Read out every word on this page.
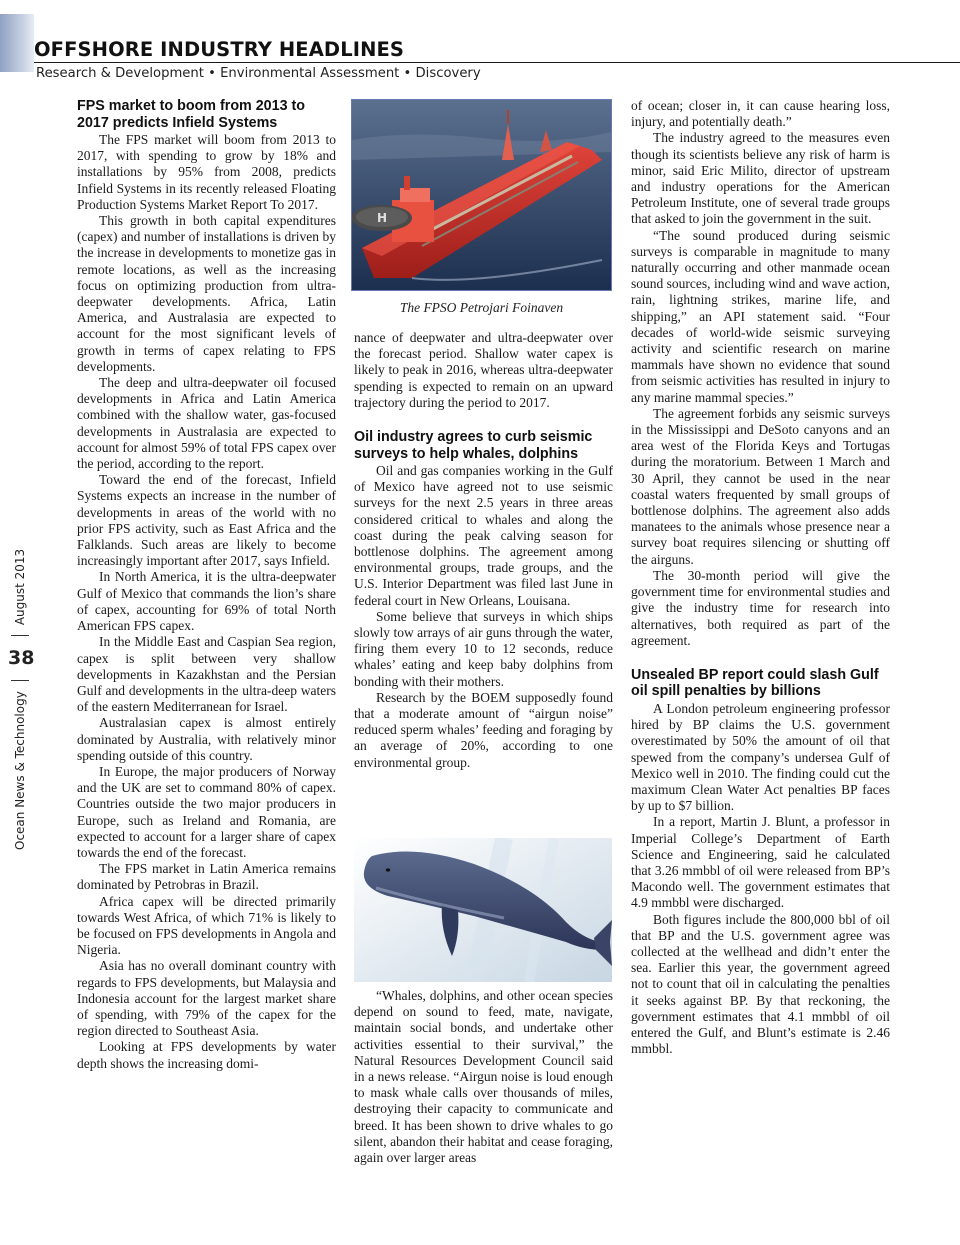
OFFSHORE INDUSTRY HEADLINES
Research & Development • Environmental Assessment • Discovery
Ocean News & Technology
38
August 2013
FPS market to boom from 2013 to 2017 predicts Infield Systems

The FPS market will boom from 2013 to 2017, with spending to grow by 18% and installations by 95% from 2008, predicts Infield Systems in its recently released Floating Production Systems Market Report To 2017.

This growth in both capital expenditures (capex) and number of installations is driven by the increase in developments to monetize gas in remote locations, as well as the increasing focus on optimizing production from ultra-deepwater developments. Africa, Latin America, and Australasia are expected to account for the most significant levels of growth in terms of capex relating to FPS developments.

The deep and ultra-deepwater oil focused developments in Africa and Latin America combined with the shallow water, gas-focused developments in Australasia are expected to account for almost 59% of total FPS capex over the period, according to the report.

Toward the end of the forecast, Infield Systems expects an increase in the number of developments in areas of the world with no prior FPS activity, such as East Africa and the Falklands. Such areas are likely to become increasingly important after 2017, says Infield.

In North America, it is the ultra-deepwater Gulf of Mexico that commands the lion’s share of capex, accounting for 69% of total North American FPS capex.

In the Middle East and Caspian Sea region, capex is split between very shallow developments in Kazakhstan and the Persian Gulf and developments in the ultra-deep waters of the eastern Mediterranean for Israel.

Australasian capex is almost entirely dominated by Australia, with relatively minor spending outside of this country.

In Europe, the major producers of Norway and the UK are set to command 80% of capex. Countries outside the two major producers in Europe, such as Ireland and Romania, are expected to account for a larger share of capex towards the end of the forecast.

The FPS market in Latin America remains dominated by Petrobras in Brazil.

Africa capex will be directed primarily towards West Africa, of which 71% is likely to be focused on FPS developments in Angola and Nigeria.

Asia has no overall dominant country with regards to FPS developments, but Malaysia and Indonesia account for the largest market share of spending, with 79% of the capex for the region directed to Southeast Asia.

Looking at FPS developments by water depth shows the increasing domi-

H
The FPSO Petrojari Foinaven

nance of deepwater and ultra-deepwater over the forecast period. Shallow water capex is likely to peak in 2016, whereas ultra-deepwater spending is expected to remain on an upward trajectory during the period to 2017.

Oil industry agrees to curb seismic surveys to help whales, dolphins

Oil and gas companies working in the Gulf of Mexico have agreed not to use seismic surveys for the next 2.5 years in three areas considered critical to whales and along the coast during the peak calving season for bottlenose dolphins. The agreement among environmental groups, trade groups, and the U.S. Interior Department was filed last June in federal court in New Orleans, Louisana.

Some believe that surveys in which ships slowly tow arrays of air guns through the water, firing them every 10 to 12 seconds, reduce whales’ eating and keep baby dolphins from bonding with their mothers.

Research by the BOEM supposedly found that a moderate amount of “airgun noise” reduced sperm whales’ feeding and foraging by an average of 20%, according to one environmental group.

“Whales, dolphins, and other ocean species depend on sound to feed, mate, navigate, maintain social bonds, and undertake other activities essential to their survival,” the Natural Resources Development Council said in a news release. “Airgun noise is loud enough to mask whale calls over thousands of miles, destroying their capacity to communicate and breed. It has been shown to drive whales to go silent, abandon their habitat and cease foraging, again over larger areas

of ocean; closer in, it can cause hearing loss, injury, and potentially death.”

The industry agreed to the measures even though its scientists believe any risk of harm is minor, said Eric Milito, director of upstream and industry operations for the American Petroleum Institute, one of several trade groups that asked to join the government in the suit.

“The sound produced during seismic surveys is comparable in magnitude to many naturally occurring and other manmade ocean sound sources, including wind and wave action, rain, lightning strikes, marine life, and shipping,” an API statement said. “Four decades of world-wide seismic surveying activity and scientific research on marine mammals have shown no evidence that sound from seismic activities has resulted in injury to any marine mammal species.”

The agreement forbids any seismic surveys in the Mississippi and DeSoto canyons and an area west of the Florida Keys and Tortugas during the moratorium. Between 1 March and 30 April, they cannot be used in the near coastal waters frequented by small groups of bottlenose dolphins. The agreement also adds manatees to the animals whose presence near a survey boat requires silencing or shutting off the airguns.

The 30-month period will give the government time for environmental studies and give the industry time for research into alternatives, both required as part of the agreement.

Unsealed BP report could slash Gulf oil spill penalties by billions

A London petroleum engineering professor hired by BP claims the U.S. government overestimated by 50% the amount of oil that spewed from the company’s undersea Gulf of Mexico well in 2010. The finding could cut the maximum Clean Water Act penalties BP faces by up to $7 billion.

In a report, Martin J. Blunt, a professor in Imperial College’s Department of Earth Science and Engineering, said he calculated that 3.26 mmbbl of oil were released from BP’s Macondo well. The government estimates that 4.9 mmbbl were discharged.

Both figures include the 800,000 bbl of oil that BP and the U.S. government agree was collected at the wellhead and didn’t enter the sea. Earlier this year, the government agreed not to count that oil in calculating the penalties it seeks against BP. By that reckoning, the government estimates that 4.1 mmbbl of oil entered the Gulf, and Blunt’s estimate is 2.46 mmbbl.
